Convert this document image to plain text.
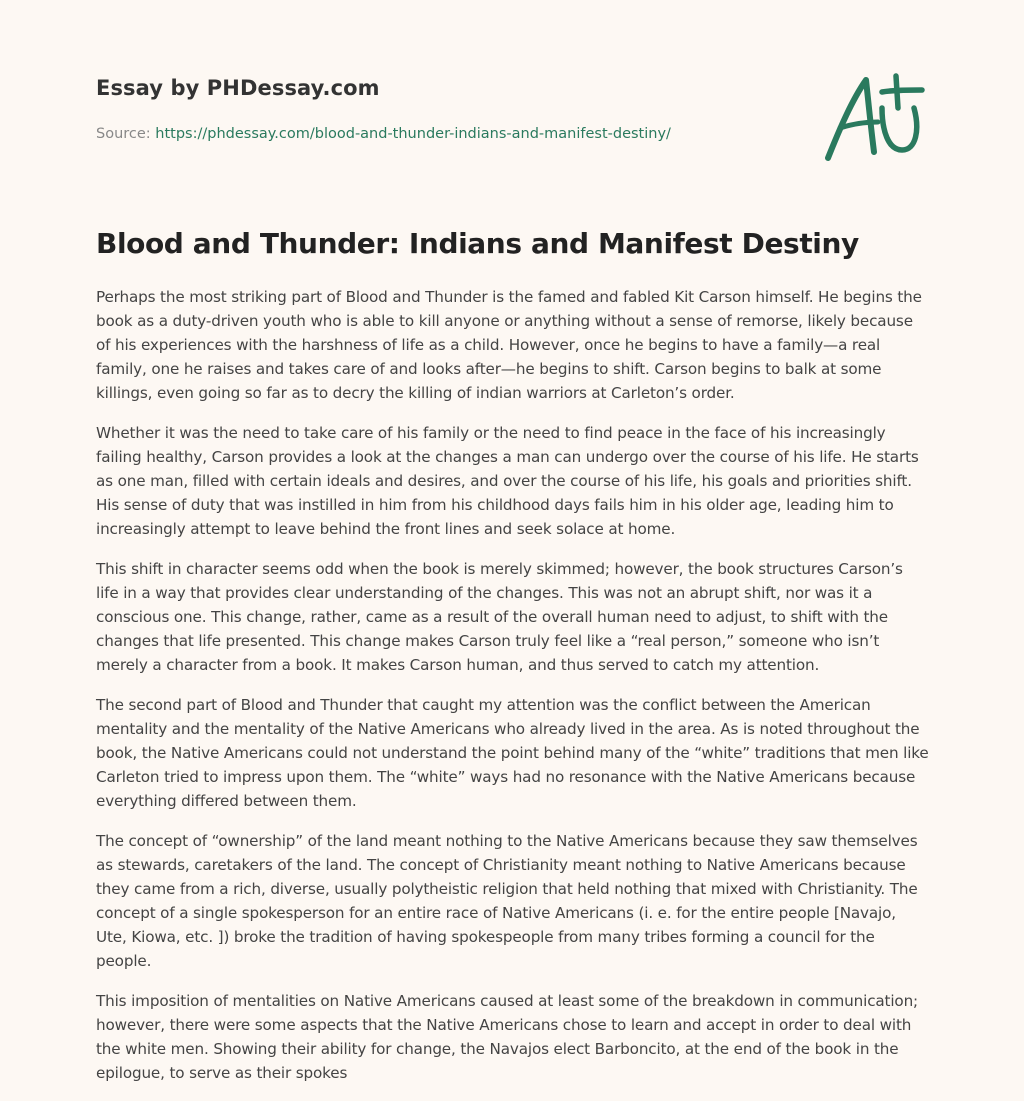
Essay by PHDessay.com
Source: https://phdessay.com/blood-and-thunder-indians-and-manifest-destiny/
Blood and Thunder: Indians and Manifest Destiny

Perhaps the most striking part of Blood and Thunder is the famed and fabled Kit Carson himself. He begins the book as a duty-driven youth who is able to kill anyone or anything without a sense of remorse, likely because of his experiences with the harshness of life as a child. However, once he begins to have a family—a real family, one he raises and takes care of and looks after—he begins to shift. Carson begins to balk at some killings, even going so far as to decry the killing of indian warriors at Carleton’s order.

Whether it was the need to take care of his family or the need to find peace in the face of his increasingly failing healthy, Carson provides a look at the changes a man can undergo over the course of his life. He starts as one man, filled with certain ideals and desires, and over the course of his life, his goals and priorities shift. His sense of duty that was instilled in him from his childhood days fails him in his older age, leading him to increasingly attempt to leave behind the front lines and seek solace at home.

This shift in character seems odd when the book is merely skimmed; however, the book structures Carson’s life in a way that provides clear understanding of the changes. This was not an abrupt shift, nor was it a conscious one. This change, rather, came as a result of the overall human need to adjust, to shift with the changes that life presented. This change makes Carson truly feel like a “real person,” someone who isn’t merely a character from a book. It makes Carson human, and thus served to catch my attention.

The second part of Blood and Thunder that caught my attention was the conflict between the American mentality and the mentality of the Native Americans who already lived in the area. As is noted throughout the book, the Native Americans could not understand the point behind many of the “white” traditions that men like Carleton tried to impress upon them. The “white” ways had no resonance with the Native Americans because everything differed between them.

The concept of “ownership” of the land meant nothing to the Native Americans because they saw themselves as stewards, caretakers of the land. The concept of Christianity meant nothing to Native Americans because they came from a rich, diverse, usually polytheistic religion that held nothing that mixed with Christianity. The concept of a single spokesperson for an entire race of Native Americans (i. e. for the entire people [Navajo, Ute, Kiowa, etc. ]) broke the tradition of having spokespeople from many tribes forming a council for the people.

This imposition of mentalities on Native Americans caused at least some of the breakdown in communication; however, there were some aspects that the Native Americans chose to learn and accept in order to deal with the white men. Showing their ability for change, the Navajos elect Barboncito, at the end of the book in the epilogue, to serve as their spokes
